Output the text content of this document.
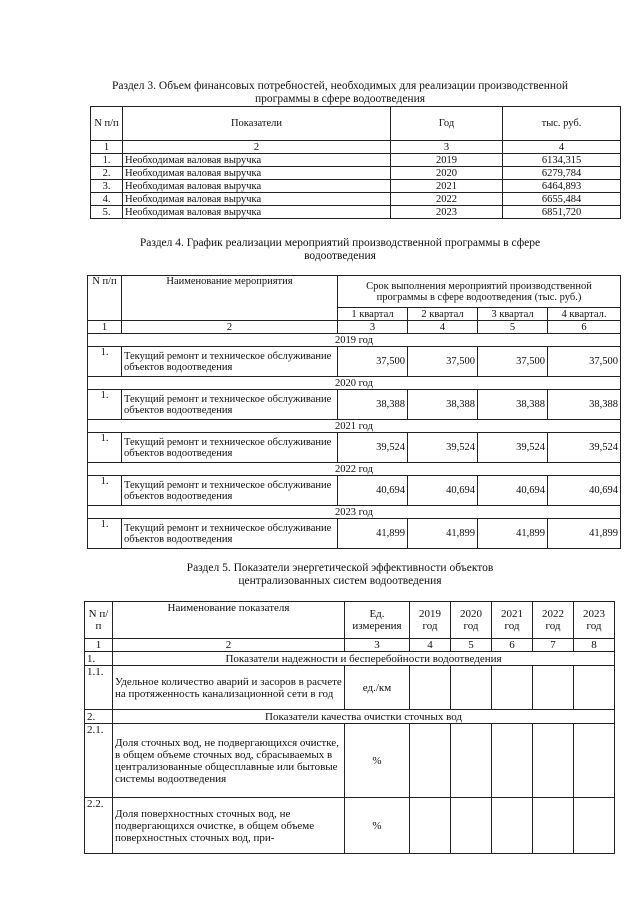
Раздел 3. Объем финансовых потребностей, необходимых для реализации производственной
программы в сфере водоотведения
N п/п	Показатели	Год	тыс. руб.
1	2	3	4
1.	Необходимая валовая выручка	2019	6134,315
2.	Необходимая валовая выручка	2020	6279,784
3.	Необходимая валовая выручка	2021	6464,893
4.	Необходимая валовая выручка	2022	6655,484
5.	Необходимая валовая выручка	2023	6851,720
Раздел 4. График реализации мероприятий производственной программы в сфере
водоотведения
N п/п	Наименование мероприятия	Срок выполнения мероприятий производственной программы в сфере водоотведения (тыс. руб.)			
		1 квартал	2 квартал	3 квартал	4 квартал.
1	2	3	4	5	6
2019 год					
1.	Текущий ремонт и техническое обслуживание объектов водоотведения	37,500	37,500	37,500	37,500
2020 год					
1.	Текущий ремонт и техническое обслуживание объектов водоотведения	38,388	38,388	38,388	38,388
2021 год					
1.	Текущий ремонт и техническое обслуживание объектов водоотведения	39,524	39,524	39,524	39,524
2022 год					
1.	Текущий ремонт и техническое обслуживание объектов водоотведения	40,694	40,694	40,694	40,694
2023 год					
1.	Текущий ремонт и техническое обслуживание объектов водоотведения	41,899	41,899	41,899	41,899
Раздел 5. Показатели энергетической эффективности объектов
централизованных систем водоотведения
N п/п	Наименование показателя	Ед. измерения	2019 год	2020 год	2021 год	2022 год	2023 год
1	2	3	4	5	6	7	8
1.	Показатели надежности и бесперебойности водоотведения						
1.1.	Удельное количество аварий и засоров в расчете на протяженность канализационной сети в год	ед./км					
2.	Показатели качества очистки сточных вод						
2.1.	Доля сточных вод, не подвергающихся очистке, в общем объеме сточных вод, сбрасываемых в централизованные общесплавные или бытовые системы водоотведения	%					
2.2.	Доля поверхностных сточных вод, не подвергающихся очистке, в общем объеме поверхностных сточных вод, при-	%					
